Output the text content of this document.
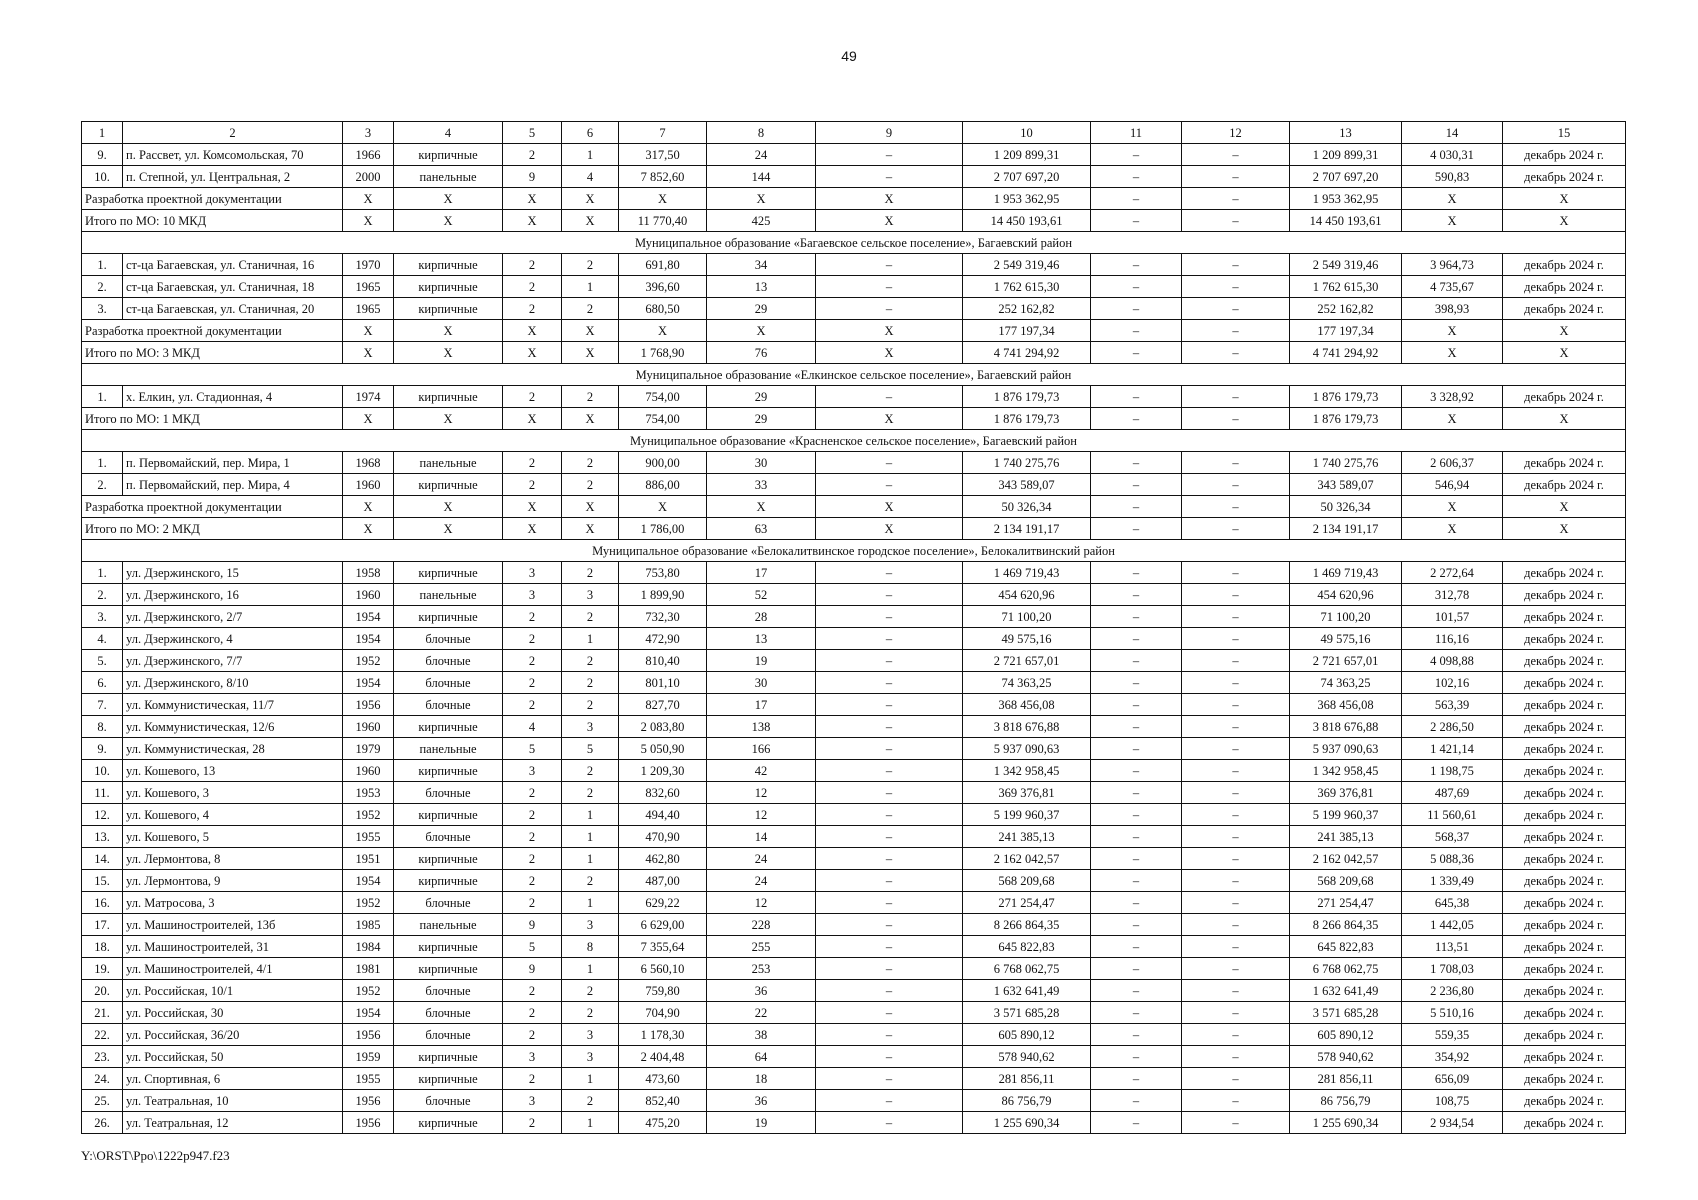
49
1	2	3	4	5	6	7	8	9	10	11	12	13	14	15
9.	п. Рассвет, ул. Комсомольская, 70	1966	кирпичные	2	1	317,50	24	–	1 209 899,31	–	–	1 209 899,31	4 030,31	декабрь 2024 г.
10.	п. Степной, ул. Центральная, 2	2000	панельные	9	4	7 852,60	144	–	2 707 697,20	–	–	2 707 697,20	590,83	декабрь 2024 г.
Разработка проектной документации		X	X	X	X	X	X	X	1 953 362,95	–	–	1 953 362,95	X	X
Итого по МО: 10 МКД		X	X	X	X	11 770,40	425	X	14 450 193,61	–	–	14 450 193,61	X	X
Муниципальное образование «Багаевское сельское поселение», Багаевский район														
1.	ст-ца Багаевская, ул. Станичная, 16	1970	кирпичные	2	2	691,80	34	–	2 549 319,46	–	–	2 549 319,46	3 964,73	декабрь 2024 г.
2.	ст-ца Багаевская, ул. Станичная, 18	1965	кирпичные	2	1	396,60	13	–	1 762 615,30	–	–	1 762 615,30	4 735,67	декабрь 2024 г.
3.	ст-ца Багаевская, ул. Станичная, 20	1965	кирпичные	2	2	680,50	29	–	252 162,82	–	–	252 162,82	398,93	декабрь 2024 г.
Разработка проектной документации		X	X	X	X	X	X	X	177 197,34	–	–	177 197,34	X	X
Итого по МО: 3 МКД		X	X	X	X	1 768,90	76	X	4 741 294,92	–	–	4 741 294,92	X	X
Муниципальное образование «Елкинское сельское поселение», Багаевский район														
1.	х. Елкин, ул. Стадионная, 4	1974	кирпичные	2	2	754,00	29	–	1 876 179,73	–	–	1 876 179,73	3 328,92	декабрь 2024 г.
Итого по МО: 1 МКД		X	X	X	X	754,00	29	X	1 876 179,73	–	–	1 876 179,73	X	X
Муниципальное образование «Красненское сельское поселение», Багаевский район														
1.	п. Первомайский, пер. Мира, 1	1968	панельные	2	2	900,00	30	–	1 740 275,76	–	–	1 740 275,76	2 606,37	декабрь 2024 г.
2.	п. Первомайский, пер. Мира, 4	1960	кирпичные	2	2	886,00	33	–	343 589,07	–	–	343 589,07	546,94	декабрь 2024 г.
Разработка проектной документации		X	X	X	X	X	X	X	50 326,34	–	–	50 326,34	X	X
Итого по МО: 2 МКД		X	X	X	X	1 786,00	63	X	2 134 191,17	–	–	2 134 191,17	X	X
Муниципальное образование «Белокалитвинское городское поселение», Белокалитвинский район														
1.	ул. Дзержинского, 15	1958	кирпичные	3	2	753,80	17	–	1 469 719,43	–	–	1 469 719,43	2 272,64	декабрь 2024 г.
2.	ул. Дзержинского, 16	1960	панельные	3	3	1 899,90	52	–	454 620,96	–	–	454 620,96	312,78	декабрь 2024 г.
3.	ул. Дзержинского, 2/7	1954	кирпичные	2	2	732,30	28	–	71 100,20	–	–	71 100,20	101,57	декабрь 2024 г.
4.	ул. Дзержинского, 4	1954	блочные	2	1	472,90	13	–	49 575,16	–	–	49 575,16	116,16	декабрь 2024 г.
5.	ул. Дзержинского, 7/7	1952	блочные	2	2	810,40	19	–	2 721 657,01	–	–	2 721 657,01	4 098,88	декабрь 2024 г.
6.	ул. Дзержинского, 8/10	1954	блочные	2	2	801,10	30	–	74 363,25	–	–	74 363,25	102,16	декабрь 2024 г.
7.	ул. Коммунистическая, 11/7	1956	блочные	2	2	827,70	17	–	368 456,08	–	–	368 456,08	563,39	декабрь 2024 г.
8.	ул. Коммунистическая, 12/6	1960	кирпичные	4	3	2 083,80	138	–	3 818 676,88	–	–	3 818 676,88	2 286,50	декабрь 2024 г.
9.	ул. Коммунистическая, 28	1979	панельные	5	5	5 050,90	166	–	5 937 090,63	–	–	5 937 090,63	1 421,14	декабрь 2024 г.
10.	ул. Кошевого, 13	1960	кирпичные	3	2	1 209,30	42	–	1 342 958,45	–	–	1 342 958,45	1 198,75	декабрь 2024 г.
11.	ул. Кошевого, 3	1953	блочные	2	2	832,60	12	–	369 376,81	–	–	369 376,81	487,69	декабрь 2024 г.
12.	ул. Кошевого, 4	1952	кирпичные	2	1	494,40	12	–	5 199 960,37	–	–	5 199 960,37	11 560,61	декабрь 2024 г.
13.	ул. Кошевого, 5	1955	блочные	2	1	470,90	14	–	241 385,13	–	–	241 385,13	568,37	декабрь 2024 г.
14.	ул. Лермонтова, 8	1951	кирпичные	2	1	462,80	24	–	2 162 042,57	–	–	2 162 042,57	5 088,36	декабрь 2024 г.
15.	ул. Лермонтова, 9	1954	кирпичные	2	2	487,00	24	–	568 209,68	–	–	568 209,68	1 339,49	декабрь 2024 г.
16.	ул. Матросова, 3	1952	блочные	2	1	629,22	12	–	271 254,47	–	–	271 254,47	645,38	декабрь 2024 г.
17.	ул. Машиностроителей, 13б	1985	панельные	9	3	6 629,00	228	–	8 266 864,35	–	–	8 266 864,35	1 442,05	декабрь 2024 г.
18.	ул. Машиностроителей, 31	1984	кирпичные	5	8	7 355,64	255	–	645 822,83	–	–	645 822,83	113,51	декабрь 2024 г.
19.	ул. Машиностроителей, 4/1	1981	кирпичные	9	1	6 560,10	253	–	6 768 062,75	–	–	6 768 062,75	1 708,03	декабрь 2024 г.
20.	ул. Российская, 10/1	1952	блочные	2	2	759,80	36	–	1 632 641,49	–	–	1 632 641,49	2 236,80	декабрь 2024 г.
21.	ул. Российская, 30	1954	блочные	2	2	704,90	22	–	3 571 685,28	–	–	3 571 685,28	5 510,16	декабрь 2024 г.
22.	ул. Российская, 36/20	1956	блочные	2	3	1 178,30	38	–	605 890,12	–	–	605 890,12	559,35	декабрь 2024 г.
23.	ул. Российская, 50	1959	кирпичные	3	3	2 404,48	64	–	578 940,62	–	–	578 940,62	354,92	декабрь 2024 г.
24.	ул. Спортивная, 6	1955	кирпичные	2	1	473,60	18	–	281 856,11	–	–	281 856,11	656,09	декабрь 2024 г.
25.	ул. Театральная, 10	1956	блочные	3	2	852,40	36	–	86 756,79	–	–	86 756,79	108,75	декабрь 2024 г.
26.	ул. Театральная, 12	1956	кирпичные	2	1	475,20	19	–	1 255 690,34	–	–	1 255 690,34	2 934,54	декабрь 2024 г.
Y:\ORST\Ppo\1222p947.f23
